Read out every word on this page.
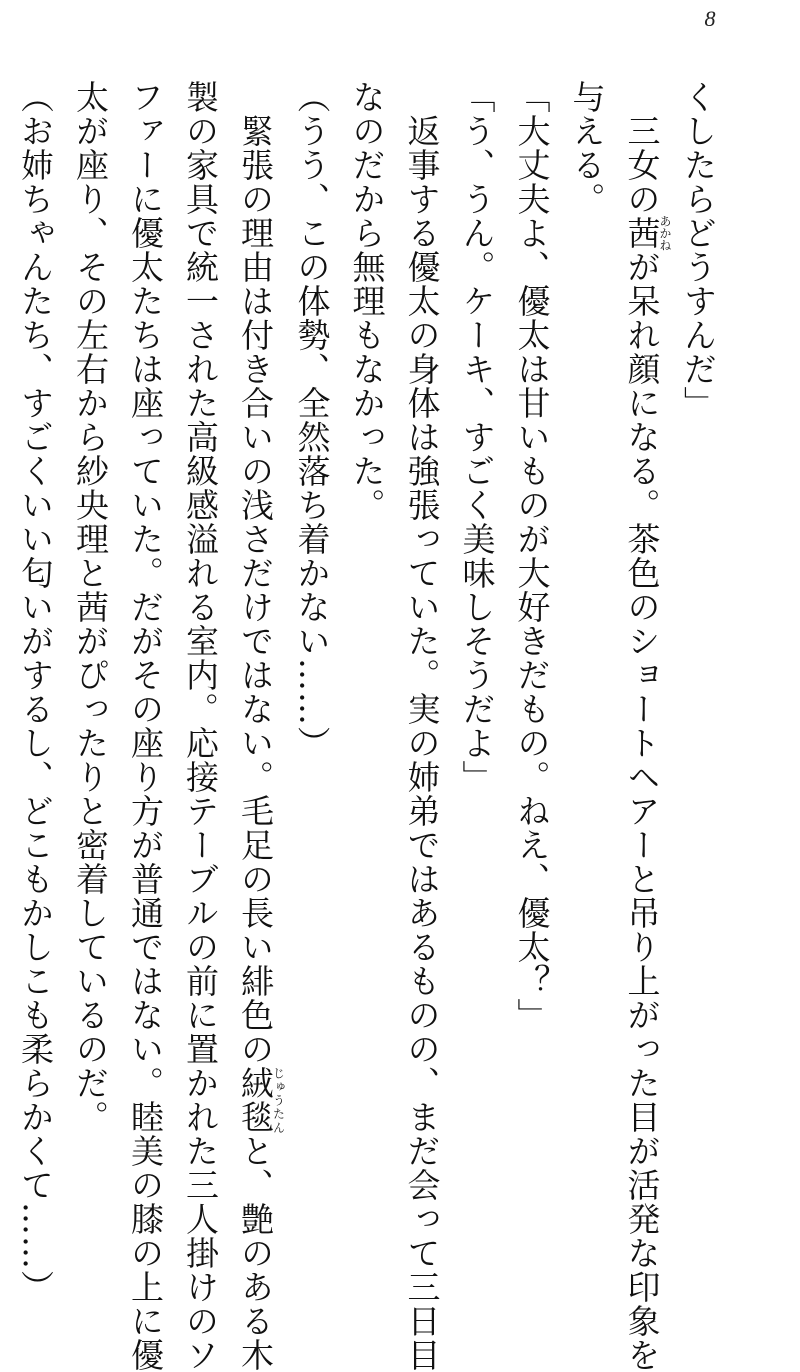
8
くしたらどうすんだ」
　三女の茜あかねが呆れ顔になる。茶色のショートヘアーと吊り上がった目が活発な印象を
与える。
「大丈夫よ、優太は甘いものが大好きだもの。ねえ、優太？」
「う、うん。ケーキ、すごく美味しそうだよ」
　返事する優太の身体は強張っていた。実の姉弟ではあるものの、まだ会って三日目
なのだから無理もなかった。
（うう、この体勢、全然落ち着かない……）
　緊張の理由は付き合いの浅さだけではない。毛足の長い緋色の絨毯じゅうたんと、艶のある木
製の家具で統一された高級感溢れる室内。応接テーブルの前に置かれた三人掛けのソ
ファーに優太たちは座っていた。だがその座り方が普通ではない。睦美の膝の上に優
太が座り、その左右から紗央理と茜がぴったりと密着しているのだ。
（お姉ちゃんたち、すごくいい匂いがするし、どこもかしこも柔らかくて……）
